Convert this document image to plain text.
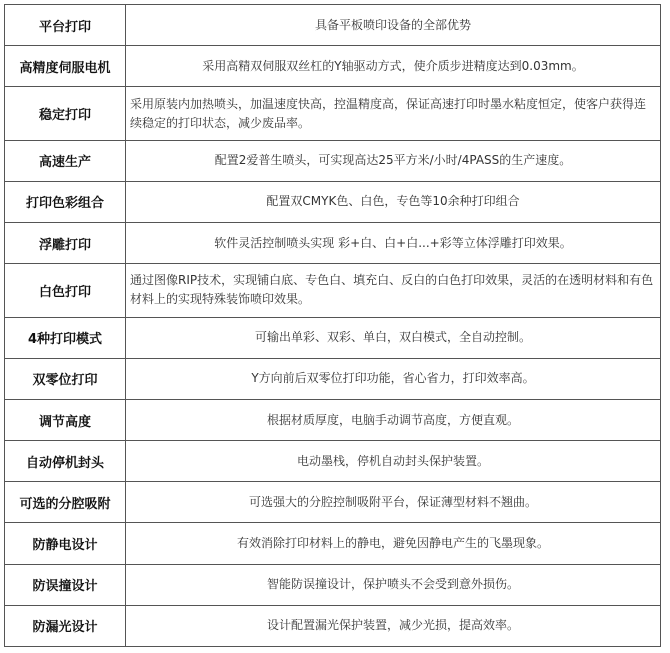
平台打印	具备平板喷印设备的全部优势
高精度伺服电机	采用高精双伺服双丝杠的Y轴驱动方式，使介质步进精度达到0.03mm。
稳定打印	采用原装内加热喷头，加温速度快高，控温精度高，保证高速打印时墨水粘度恒定，使客户获得连续稳定的打印状态，减少废品率。
高速生产	配置2爱普生喷头，可实现高达25平方米/小时/4PASS的生产速度。
打印色彩组合	配置双CMYK色、白色，专色等10余种打印组合
浮雕打印	软件灵活控制喷头实现 彩+白、白+白...+彩等立体浮雕打印效果。
白色打印	通过图像RIP技术，实现铺白底、专色白、填充白、反白的白色打印效果，灵活的在透明材料和有色材料上的实现特殊装饰喷印效果。
4种打印模式	可输出单彩、双彩、单白，双白模式，全自动控制。
双零位打印	Y方向前后双零位打印功能，省心省力，打印效率高。
调节高度	根据材质厚度，电脑手动调节高度，方便直观。
自动停机封头	电动墨栈，停机自动封头保护装置。
可选的分腔吸附	可选强大的分腔控制吸附平台，保证薄型材料不翘曲。
防静电设计	有效消除打印材料上的静电，避免因静电产生的飞墨现象。
防误撞设计	智能防误撞设计，保护喷头不会受到意外损伤。
防漏光设计	设计配置漏光保护装置，减少光损，提高效率。
